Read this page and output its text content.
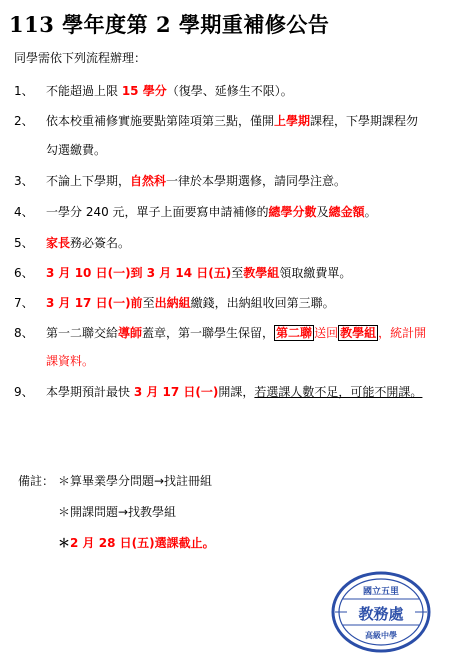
113 學年度第 2 學期重補修公告
同學需依下列流程辦理：
1、 不能超過上限 15 學分（復學、延修生不限）。
2、 依本校重補修實施要點第陸項第三點，僅開上學期課程，下學期課程勿
勾選繳費。
3、 不論上下學期，自然科一律於本學期選修，請同學注意。
4、 一學分 240 元，單子上面要寫申請補修的總學分數及總金額。
5、 家長務必簽名。
6、 3 月 10 日(一)到 3 月 14 日(五)至教學組領取繳費單。
7、 3 月 17 日(一)前至出納組繳錢，出納組收回第三聯。
8、 第一二聯交給導師蓋章，第一聯學生保留， 第二聯 送回 教學組 ，統計開
課資料。
9、 本學期預計最快 3 月 17 日(一)開課，若選課人數不足，可能不開課。
備註： ＊算畢業學分問題→找註冊組
＊開課問題→找教學組
＊2 月 28 日(五)選課截止。
國立五里
教務處
高級中學
